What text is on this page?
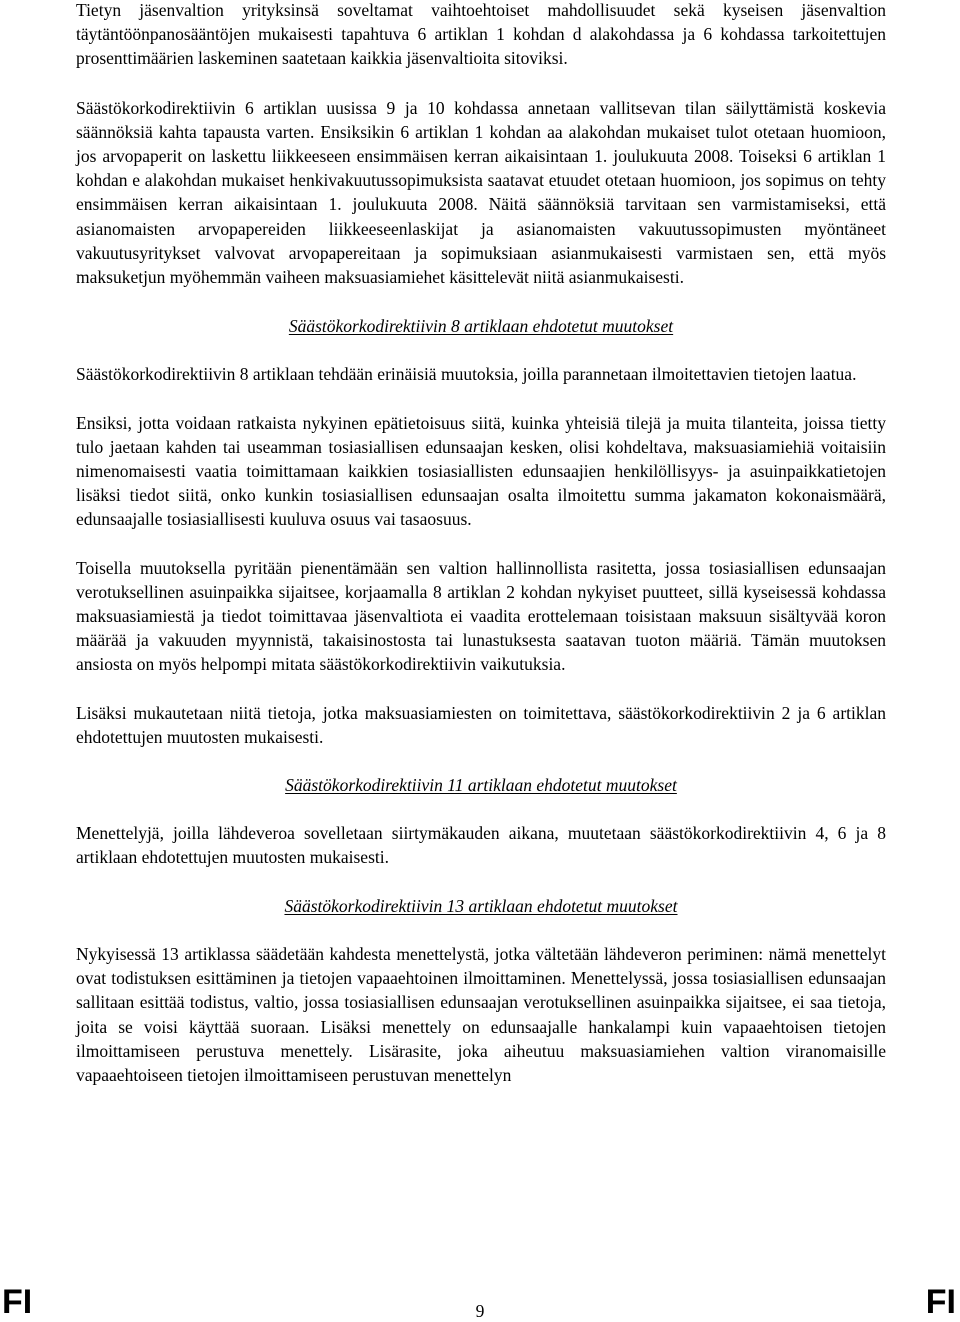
Tietyn jäsenvaltion yrityksinsä soveltamat vaihtoehtoiset mahdollisuudet sekä kyseisen jäsenvaltion täytäntöönpanosääntöjen mukaisesti tapahtuva 6 artiklan 1 kohdan d alakohdassa ja 6 kohdassa tarkoitettujen prosenttimäärien laskeminen saatetaan kaikkia jäsenvaltioita sitoviksi.

Säästökorkodirektiivin 6 artiklan uusissa 9 ja 10 kohdassa annetaan vallitsevan tilan säilyttämistä koskevia säännöksiä kahta tapausta varten. Ensiksikin 6 artiklan 1 kohdan aa alakohdan mukaiset tulot otetaan huomioon, jos arvopaperit on laskettu liikkeeseen ensimmäisen kerran aikaisintaan 1. joulukuuta 2008. Toiseksi 6 artiklan 1 kohdan e alakohdan mukaiset henkivakuutussopimuksista saatavat etuudet otetaan huomioon, jos sopimus on tehty ensimmäisen kerran aikaisintaan 1. joulukuuta 2008. Näitä säännöksiä tarvitaan sen varmistamiseksi, että asianomaisten arvopapereiden liikkeeseenlaskijat ja asianomaisten vakuutussopimusten myöntäneet vakuutusyritykset valvovat arvopapereitaan ja sopimuksiaan asianmukaisesti varmistaen sen, että myös maksuketjun myöhemmän vaiheen maksuasiamiehet käsittelevät niitä asianmukaisesti.

Säästökorkodirektiivin 8 artiklaan ehdotetut muutokset

Säästökorkodirektiivin 8 artiklaan tehdään erinäisiä muutoksia, joilla parannetaan ilmoitettavien tietojen laatua.

Ensiksi, jotta voidaan ratkaista nykyinen epätietoisuus siitä, kuinka yhteisiä tilejä ja muita tilanteita, joissa tietty tulo jaetaan kahden tai useamman tosiasiallisen edunsaajan kesken, olisi kohdeltava, maksuasiamiehiä voitaisiin nimenomaisesti vaatia toimittamaan kaikkien tosiasiallisten edunsaajien henkilöllisyys- ja asuinpaikkatietojen lisäksi tiedot siitä, onko kunkin tosiasiallisen edunsaajan osalta ilmoitettu summa jakamaton kokonaismäärä, edunsaajalle tosiasiallisesti kuuluva osuus vai tasaosuus.

Toisella muutoksella pyritään pienentämään sen valtion hallinnollista rasitetta, jossa tosiasiallisen edunsaajan verotuksellinen asuinpaikka sijaitsee, korjaamalla 8 artiklan 2 kohdan nykyiset puutteet, sillä kyseisessä kohdassa maksuasiamiestä ja tiedot toimittavaa jäsenvaltiota ei vaadita erottelemaan toisistaan maksuun sisältyvää koron määrää ja vakuuden myynnistä, takaisinostosta tai lunastuksesta saatavan tuoton määriä. Tämän muutoksen ansiosta on myös helpompi mitata säästökorkodirektiivin vaikutuksia.

Lisäksi mukautetaan niitä tietoja, jotka maksuasiamiesten on toimitettava, säästökorkodirektiivin 2 ja 6 artiklan ehdotettujen muutosten mukaisesti.

Säästökorkodirektiivin 11 artiklaan ehdotetut muutokset

Menettelyjä, joilla lähdeveroa sovelletaan siirtymäkauden aikana, muutetaan säästökorkodirektiivin 4, 6 ja 8 artiklaan ehdotettujen muutosten mukaisesti.

Säästökorkodirektiivin 13 artiklaan ehdotetut muutokset

Nykyisessä 13 artiklassa säädetään kahdesta menettelystä, jotka vältetään lähdeveron periminen: nämä menettelyt ovat todistuksen esittäminen ja tietojen vapaaehtoinen ilmoittaminen. Menettelyssä, jossa tosiasiallisen edunsaajan sallitaan esittää todistus, valtio, jossa tosiasiallisen edunsaajan verotuksellinen asuinpaikka sijaitsee, ei saa tietoja, joita se voisi käyttää suoraan. Lisäksi menettely on edunsaajalle hankalampi kuin vapaaehtoisen tietojen ilmoittamiseen perustuva menettely. Lisärasite, joka aiheutuu maksuasiamiehen valtion viranomaisille vapaaehtoiseen tietojen ilmoittamiseen perustuvan menettelyn

FI	9	FI
